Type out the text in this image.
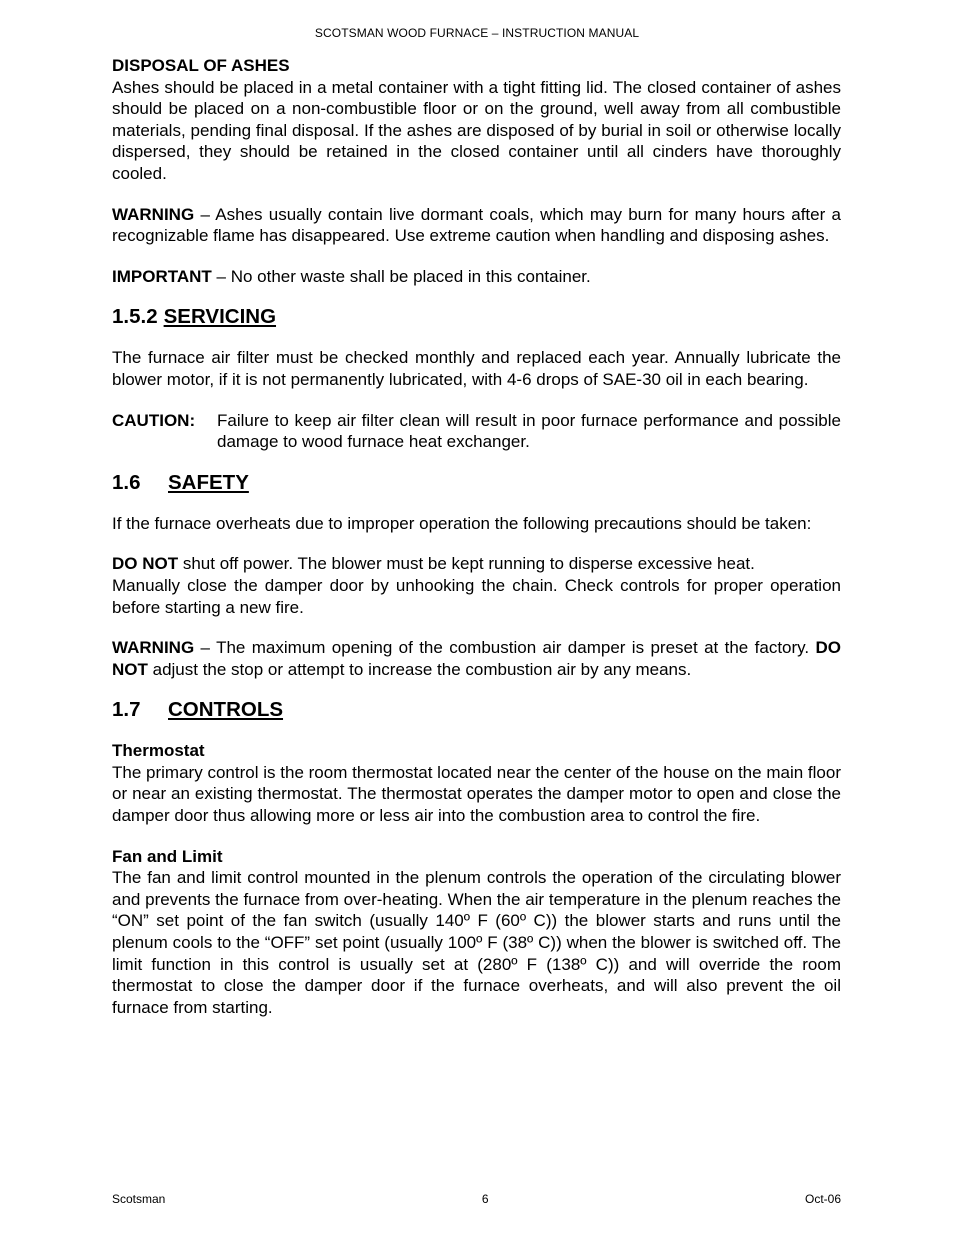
SCOTSMAN WOOD FURNACE – INSTRUCTION MANUAL
DISPOSAL OF ASHES

Ashes should be placed in a metal container with a tight fitting lid. The closed container of ashes should be placed on a non-combustible floor or on the ground, well away from all combustible materials, pending final disposal. If the ashes are disposed of by burial in soil or otherwise locally dispersed, they should be retained in the closed container until all cinders have thoroughly cooled.

WARNING – Ashes usually contain live dormant coals, which may burn for many hours after a recognizable flame has disappeared. Use extreme caution when handling and disposing ashes.

IMPORTANT – No other waste shall be placed in this container.

1.5.2 SERVICING

The furnace air filter must be checked monthly and replaced each year. Annually lubricate the blower motor, if it is not permanently lubricated, with 4-6 drops of SAE-30 oil in each bearing.

CAUTION:	Failure to keep air filter clean will result in poor furnace performance and possible damage to wood furnace heat exchanger.
1.6 SAFETY

If the furnace overheats due to improper operation the following precautions should be taken:

DO NOT shut off power. The blower must be kept running to disperse excessive heat.

Manually close the damper door by unhooking the chain. Check controls for proper operation before starting a new fire.

WARNING – The maximum opening of the combustion air damper is preset at the factory. DO NOT adjust the stop or attempt to increase the combustion air by any means.

1.7 CONTROLS
Thermostat

The primary control is the room thermostat located near the center of the house on the main floor or near an existing thermostat. The thermostat operates the damper motor to open and close the damper door thus allowing more or less air into the combustion area to control the fire.

Fan and Limit

The fan and limit control mounted in the plenum controls the operation of the circulating blower and prevents the furnace from over-heating. When the air temperature in the plenum reaches the “ON” set point of the fan switch (usually 140º F (60º C)) the blower starts and runs until the plenum cools to the “OFF” set point (usually 100º F (38º C)) when the blower is switched off. The limit function in this control is usually set at (280º F (138º C)) and will override the room thermostat to close the damper door if the furnace overheats, and will also prevent the oil furnace from starting.

Scotsman	6	Oct-06
